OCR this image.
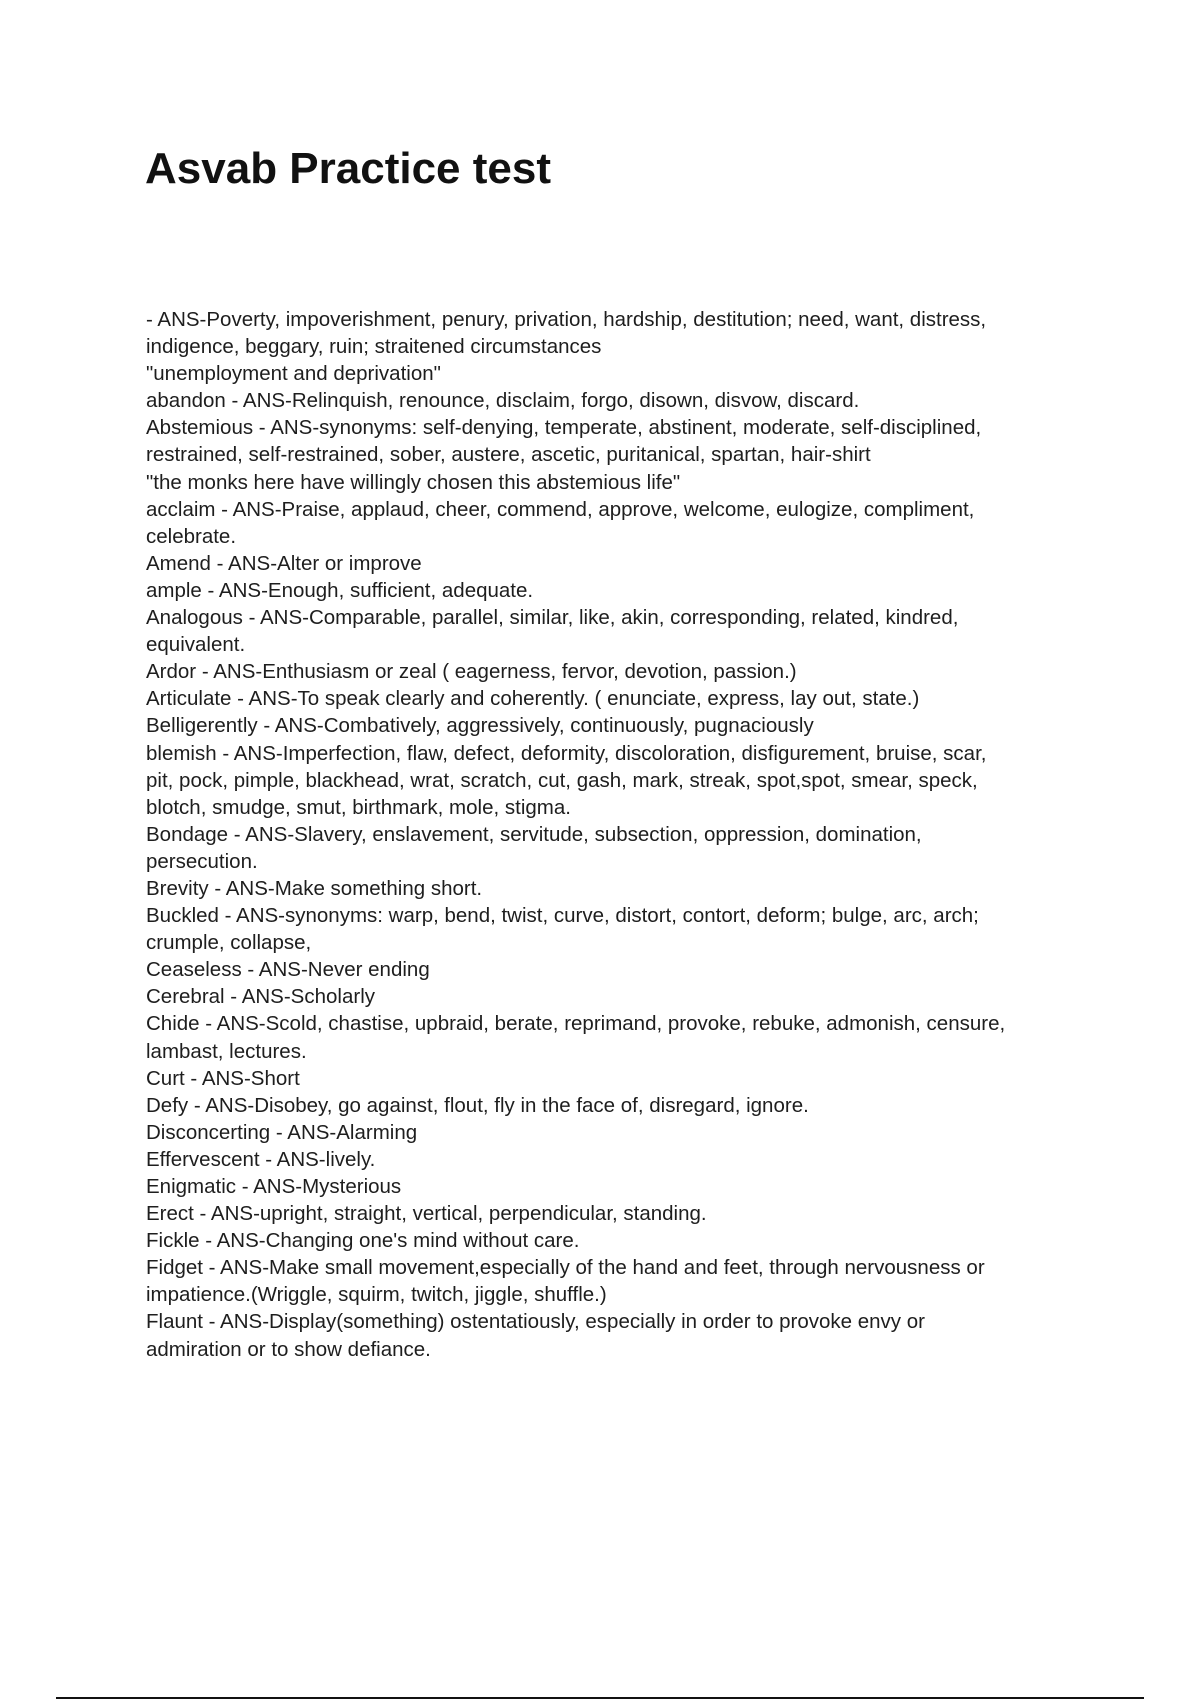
Asvab Practice test
- ANS-Poverty, impoverishment, penury, privation, hardship, destitution; need, want, distress,
indigence, beggary, ruin; straitened circumstances
"unemployment and deprivation"
abandon - ANS-Relinquish, renounce, disclaim, forgo, disown, disvow, discard.
Abstemious - ANS-synonyms: self-denying, temperate, abstinent, moderate, self-disciplined,
restrained, self-restrained, sober, austere, ascetic, puritanical, spartan, hair-shirt
"the monks here have willingly chosen this abstemious life"
acclaim - ANS-Praise, applaud, cheer, commend, approve, welcome, eulogize, compliment,
celebrate.
Amend - ANS-Alter or improve
ample - ANS-Enough, sufficient, adequate.
Analogous - ANS-Comparable, parallel, similar, like, akin, corresponding, related, kindred,
equivalent.
Ardor - ANS-Enthusiasm or zeal ( eagerness, fervor, devotion, passion.)
Articulate - ANS-To speak clearly and coherently. ( enunciate, express, lay out, state.)
Belligerently - ANS-Combatively, aggressively, continuously, pugnaciously
blemish - ANS-Imperfection, flaw, defect, deformity, discoloration, disfigurement, bruise, scar,
pit, pock, pimple, blackhead, wrat, scratch, cut, gash, mark, streak, spot,spot, smear, speck,
blotch, smudge, smut, birthmark, mole, stigma.
Bondage - ANS-Slavery, enslavement, servitude, subsection, oppression, domination,
persecution.
Brevity - ANS-Make something short.
Buckled - ANS-synonyms: warp, bend, twist, curve, distort, contort, deform; bulge, arc, arch;
crumple, collapse,
Ceaseless - ANS-Never ending
Cerebral - ANS-Scholarly
Chide - ANS-Scold, chastise, upbraid, berate, reprimand, provoke, rebuke, admonish, censure,
lambast, lectures.
Curt - ANS-Short
Defy - ANS-Disobey, go against, flout, fly in the face of, disregard, ignore.
Disconcerting - ANS-Alarming
Effervescent - ANS-lively.
Enigmatic - ANS-Mysterious
Erect - ANS-upright, straight, vertical, perpendicular, standing.
Fickle - ANS-Changing one's mind without care.
Fidget - ANS-Make small movement,especially of the hand and feet, through nervousness or
impatience.(Wriggle, squirm, twitch, jiggle, shuffle.)
Flaunt - ANS-Display(something) ostentatiously, especially in order to provoke envy or
admiration or to show defiance.
